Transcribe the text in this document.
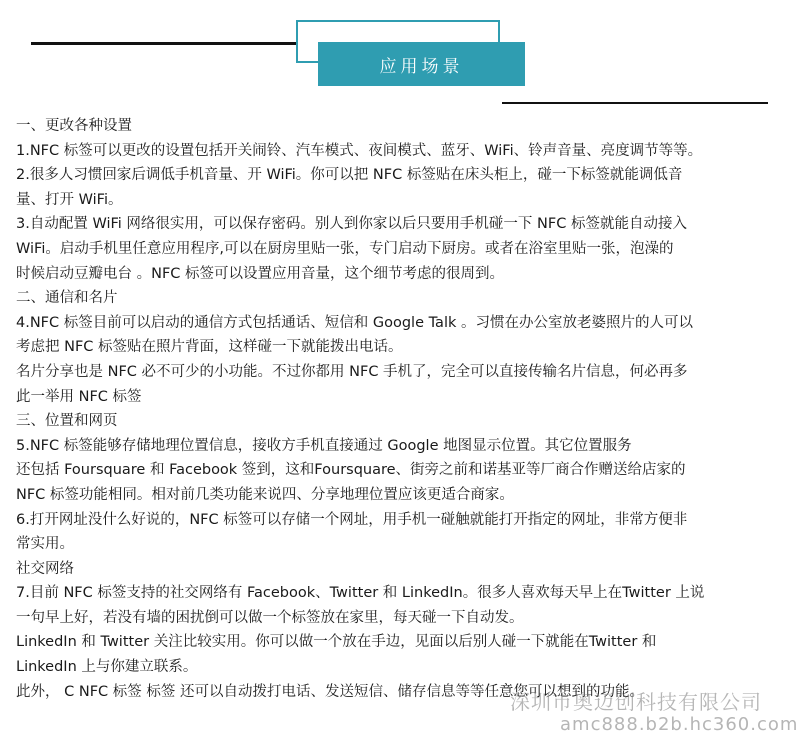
应用场景

一、更改各种设置

1.NFC 标签可以更改的设置包括开关闹铃、汽车模式、夜间模式、蓝牙、WiFi、铃声音量、亮度调节等等。

2.很多人习惯回家后调低手机音量、开 WiFi。你可以把 NFC 标签贴在床头柜上，碰一下标签就能调低音

量、打开 WiFi。

3.自动配置 WiFi 网络很实用，可以保存密码。别人到你家以后只要用手机碰一下 NFC 标签就能自动接入

WiFi。启动手机里任意应用程序,可以在厨房里贴一张，专门启动下厨房。或者在浴室里贴一张，泡澡的

时候启动豆瓣电台 。NFC 标签可以设置应用音量，这个细节考虑的很周到。

二、通信和名片

4.NFC 标签目前可以启动的通信方式包括通话、短信和 Google Talk 。习惯在办公室放老婆照片的人可以

考虑把 NFC 标签贴在照片背面，这样碰一下就能拨出电话。

名片分享也是 NFC 必不可少的小功能。不过你都用 NFC 手机了，完全可以直接传输名片信息，何必再多

此一举用 NFC 标签

三、位置和网页

5.NFC 标签能够存储地理位置信息，接收方手机直接通过 Google 地图显示位置。其它位置服务

还包括 Foursquare 和 Facebook 签到，这和Foursquare、街旁之前和诺基亚等厂商合作赠送给店家的

NFC 标签功能相同。相对前几类功能来说四、分享地理位置应该更适合商家。

6.打开网址没什么好说的，NFC 标签可以存储一个网址，用手机一碰触就能打开指定的网址，非常方便非

常实用。

社交网络

7.目前 NFC 标签支持的社交网络有 Facebook、Twitter 和 LinkedIn。很多人喜欢每天早上在Twitter 上说

一句早上好，若没有墙的困扰倒可以做一个标签放在家里，每天碰一下自动发。

LinkedIn 和 Twitter 关注比较实用。你可以做一个放在手边，见面以后别人碰一下就能在Twitter 和

LinkedIn 上与你建立联系。

此外， C NFC 标签 标签 还可以自动拨打电话、发送短信、储存信息等等任意您可以想到的功能。

深圳市奥迈创科技有限公司
amc888.b2b.hc360.com
